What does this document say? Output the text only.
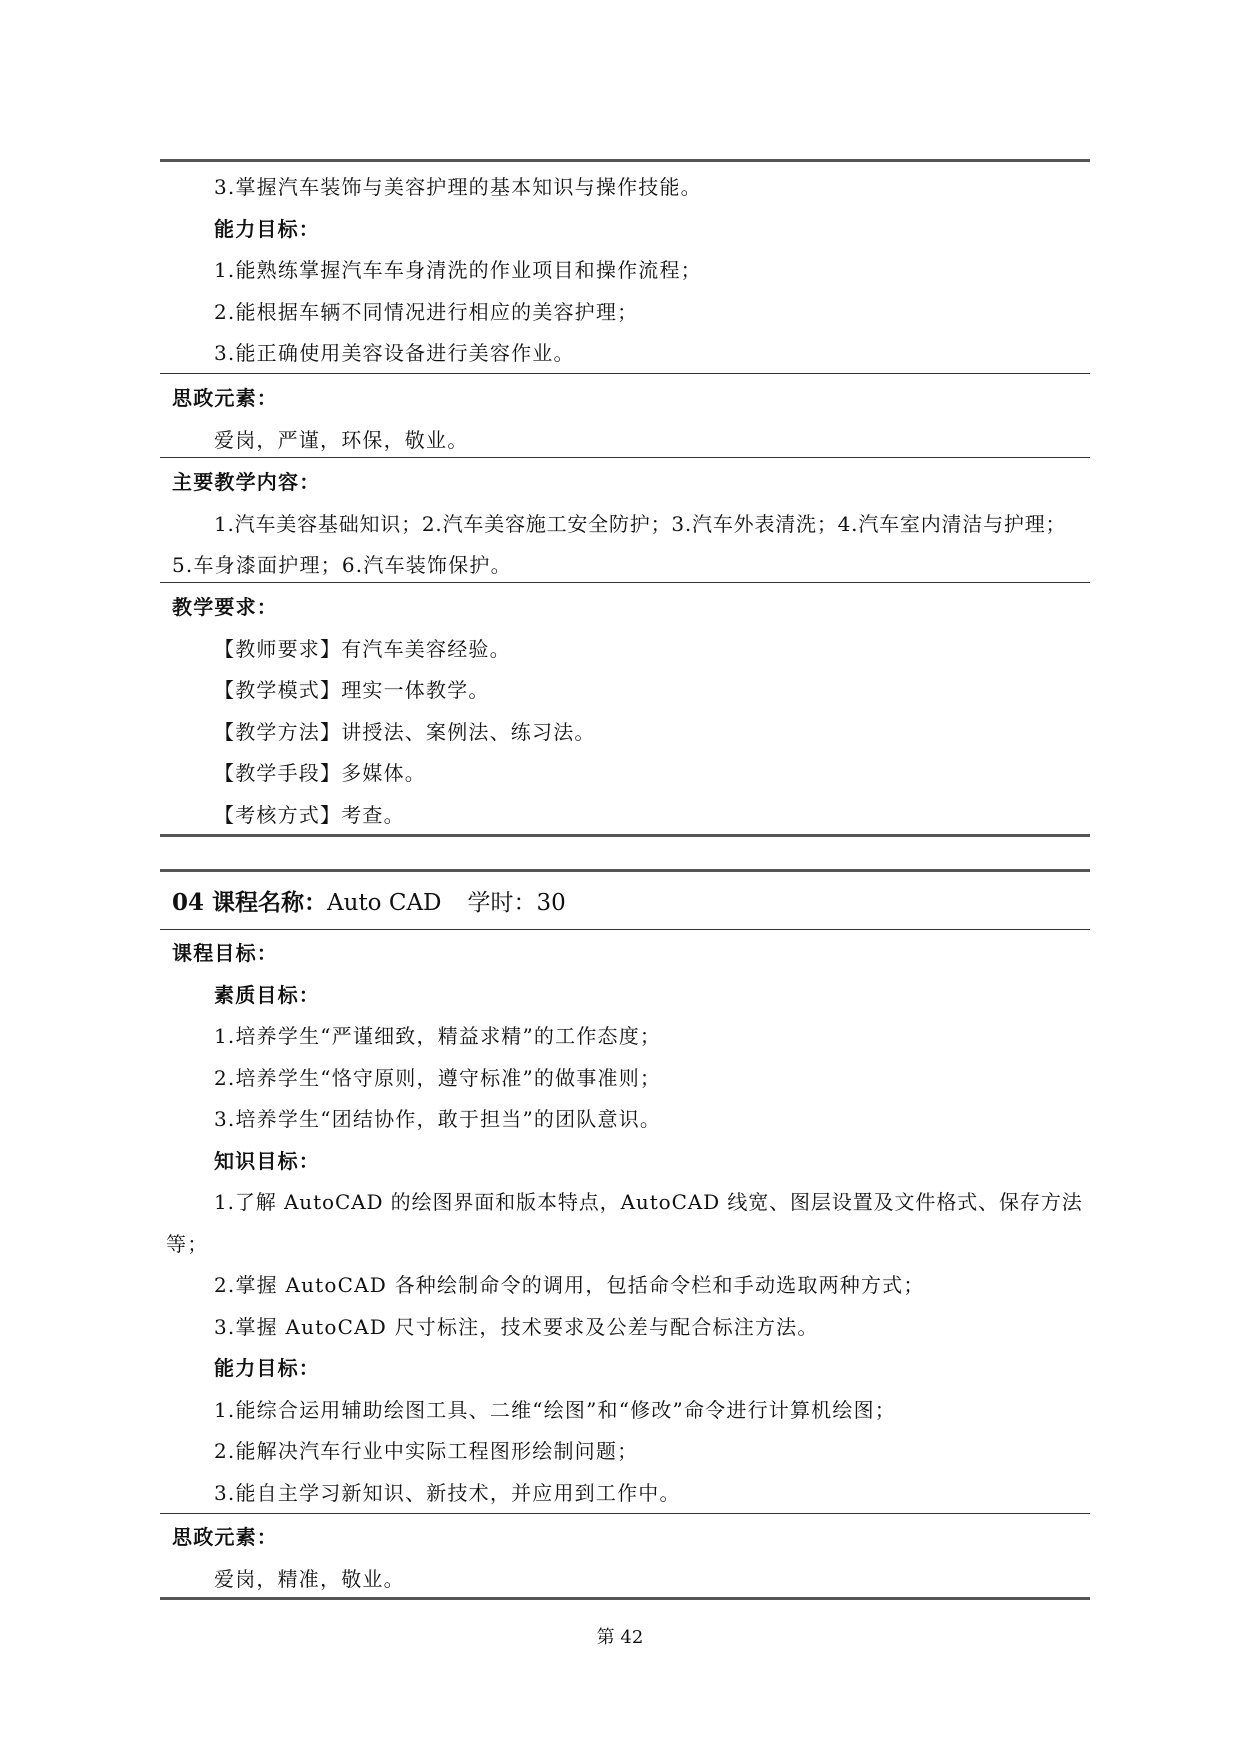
3.掌握汽车装饰与美容护理的基本知识与操作技能。
能力目标：
1.能熟练掌握汽车车身清洗的作业项目和操作流程；
2.能根据车辆不同情况进行相应的美容护理；
3.能正确使用美容设备进行美容作业。
思政元素：
爱岗，严谨，环保，敬业。
主要教学内容：
1.汽车美容基础知识；2.汽车美容施工安全防护；3.汽车外表清洗；4.汽车室内清洁与护理；
5.车身漆面护理；6.汽车装饰保护。
教学要求：
【教师要求】有汽车美容经验。
【教学模式】理实一体教学。
【教学方法】讲授法、案例法、练习法。
【教学手段】多媒体。
【考核方式】考查。
04 课程名称：Auto CAD 学时：30
课程目标：
素质目标：
1.培养学生“严谨细致，精益求精”的工作态度；
2.培养学生“恪守原则，遵守标准”的做事准则；
3.培养学生“团结协作，敢于担当”的团队意识。
知识目标：
1.了解 AutoCAD 的绘图界面和版本特点，AutoCAD 线宽、图层设置及文件格式、保存方法
等；
2.掌握 AutoCAD 各种绘制命令的调用，包括命令栏和手动选取两种方式；
3.掌握 AutoCAD 尺寸标注，技术要求及公差与配合标注方法。
能力目标：
1.能综合运用辅助绘图工具、二维“绘图”和“修改”命令进行计算机绘图；
2.能解决汽车行业中实际工程图形绘制问题；
3.能自主学习新知识、新技术，并应用到工作中。
思政元素：
爱岗，精准，敬业。
第 42
